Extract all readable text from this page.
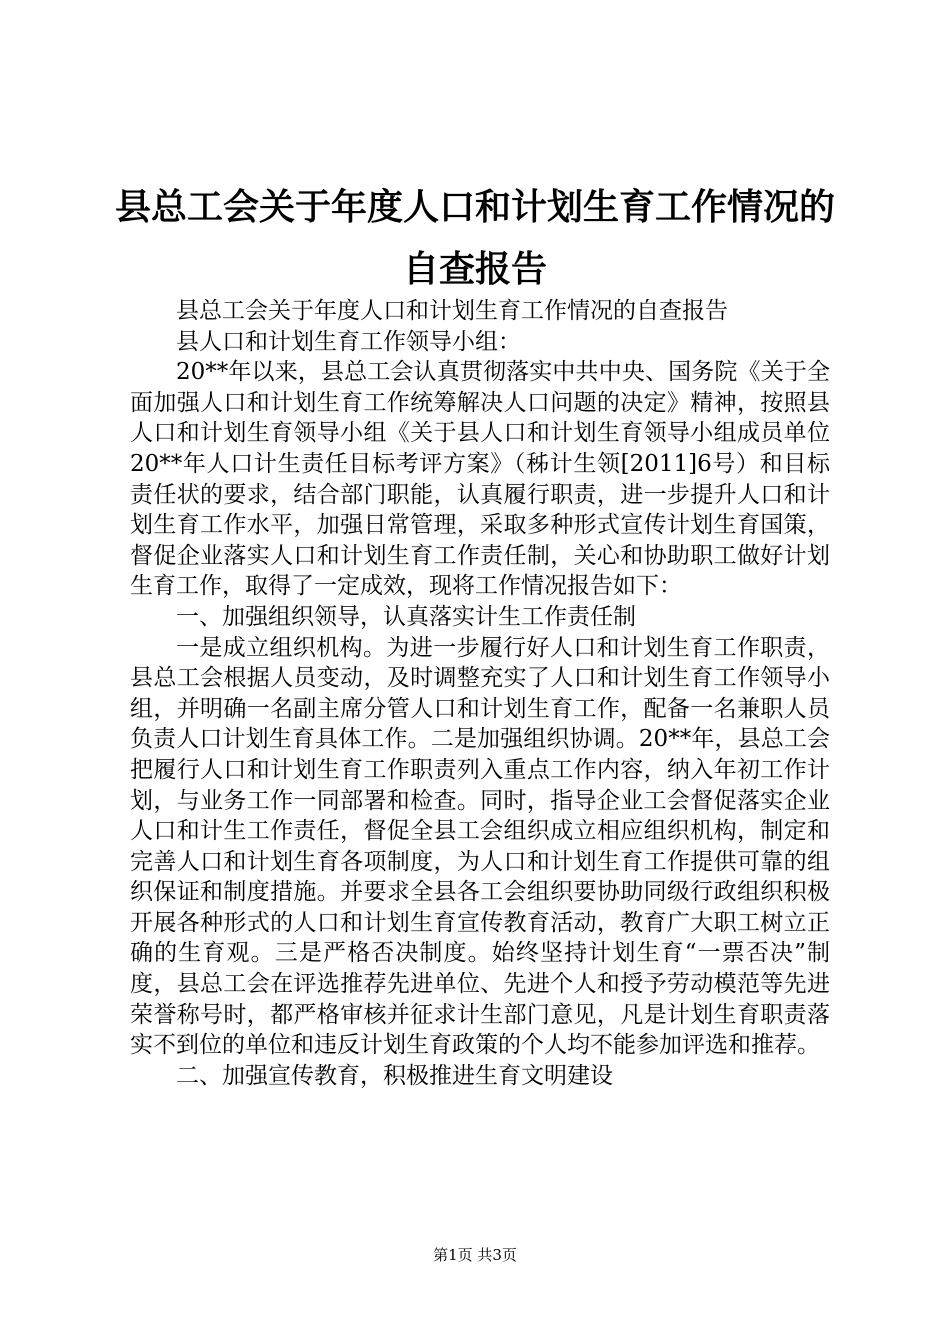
县总工会关于年度人口和计划生育工作情况的
自查报告

县总工会关于年度人口和计划生育工作情况的自查报告

县人口和计划生育工作领导小组：

20**年以来，县总工会认真贯彻落实中共中央、国务院《关于全面加强人口和计划生育工作统筹解决人口问题的决定》精神，按照县人口和计划生育领导小组《关于县人口和计划生育领导小组成员单位20**年人口计生责任目标考评方案》（秭计生领[2011]6号）和目标责任状的要求，结合部门职能，认真履行职责，进一步提升人口和计划生育工作水平，加强日常管理，采取多种形式宣传计划生育国策，督促企业落实人口和计划生育工作责任制，关心和协助职工做好计划生育工作，取得了一定成效，现将工作情况报告如下：

一、加强组织领导，认真落实计生工作责任制

一是成立组织机构。为进一步履行好人口和计划生育工作职责，县总工会根据人员变动，及时调整充实了人口和计划生育工作领导小组，并明确一名副主席分管人口和计划生育工作，配备一名兼职人员负责人口计划生育具体工作。二是加强组织协调。20**年，县总工会把履行人口和计划生育工作职责列入重点工作内容，纳入年初工作计划，与业务工作一同部署和检查。同时，指导企业工会督促落实企业人口和计生工作责任，督促全县工会组织成立相应组织机构，制定和完善人口和计划生育各项制度，为人口和计划生育工作提供可靠的组织保证和制度措施。并要求全县各工会组织要协助同级行政组织积极开展各种形式的人口和计划生育宣传教育活动，教育广大职工树立正确的生育观。三是严格否决制度。始终坚持计划生育“一票否决”制度，县总工会在评选推荐先进单位、先进个人和授予劳动模范等先进荣誉称号时，都严格审核并征求计生部门意见，凡是计划生育职责落实不到位的单位和违反计划生育政策的个人均不能参加评选和推荐。

二、加强宣传教育，积极推进生育文明建设

第1页 共3页
